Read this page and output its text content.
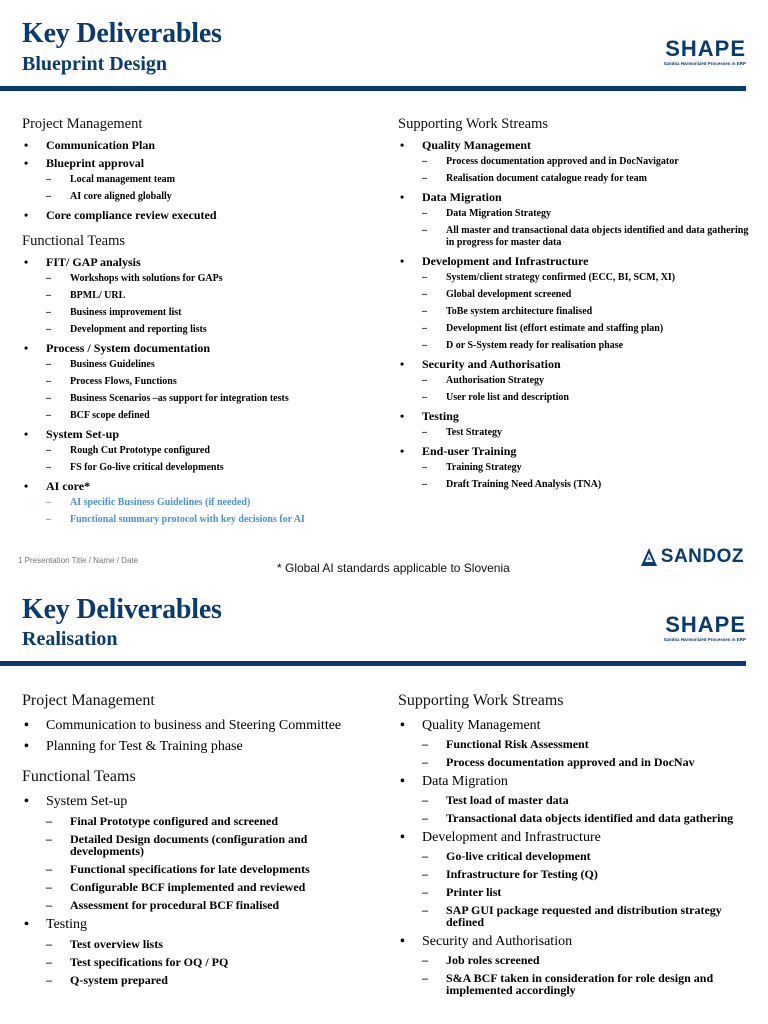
Key Deliverables
Blueprint Design
SHAPE
Sandoz Harmonized Processes in ERP
Project Management
• Communication Plan
• Blueprint approval
– Local management team
– AI core aligned globally
• Core compliance review executed
Functional Teams
• FIT/ GAP analysis
– Workshops with solutions for GAPs
– BPML/ URL
– Business improvement list
– Development and reporting lists
• Process / System documentation
– Business Guidelines
– Process Flows, Functions
– Business Scenarios –as support for integration tests
– BCF scope defined
• System Set-up
– Rough Cut Prototype configured
– FS for Go-live critical developments
• AI core*
– AI specific Business Guidelines (if needed)
– Functional summary protocol with key decisions for AI
Supporting Work Streams
• Quality Management
– Process documentation approved and in DocNavigator
– Realisation document catalogue ready for team
• Data Migration
– Data Migration Strategy
– All master and transactional data objects identified and data gathering in progress for master data
• Development and Infrastructure
– System/client strategy confirmed (ECC, BI, SCM, XI)
– Global development screened
– ToBe system architecture finalised
– Development list (effort estimate and staffing plan)
– D or S-System ready for realisation phase
• Security and Authorisation
– Authorisation Strategy
– User role list and description
• Testing
– Test Strategy
• End-user Training
– Training Strategy
– Draft Training Need Analysis (TNA)
1 Presentation Title / Name / Date
* Global AI standards applicable to Slovenia
SANDOZ
Key Deliverables
Realisation
SHAPE
Sandoz Harmonized Processes in ERP
Project Management
• Communication to business and Steering Committee
• Planning for Test & Training phase
Functional Teams
• System Set-up
– Final Prototype configured and screened
– Detailed Design documents (configuration and developments)
– Functional specifications for late developments
– Configurable BCF implemented and reviewed
– Assessment for procedural BCF finalised
• Testing
– Test overview lists
– Test specifications for OQ / PQ
– Q-system prepared
Supporting Work Streams
• Quality Management
– Functional Risk Assessment
– Process documentation approved and in DocNav
• Data Migration
– Test load of master data
– Transactional data objects identified and data gathering
• Development and Infrastructure
– Go-live critical development
– Infrastructure for Testing (Q)
– Printer list
– SAP GUI package requested and distribution strategy defined
• Security and Authorisation
– Job roles screened
– S&A BCF taken in consideration for role design and implemented accordingly
